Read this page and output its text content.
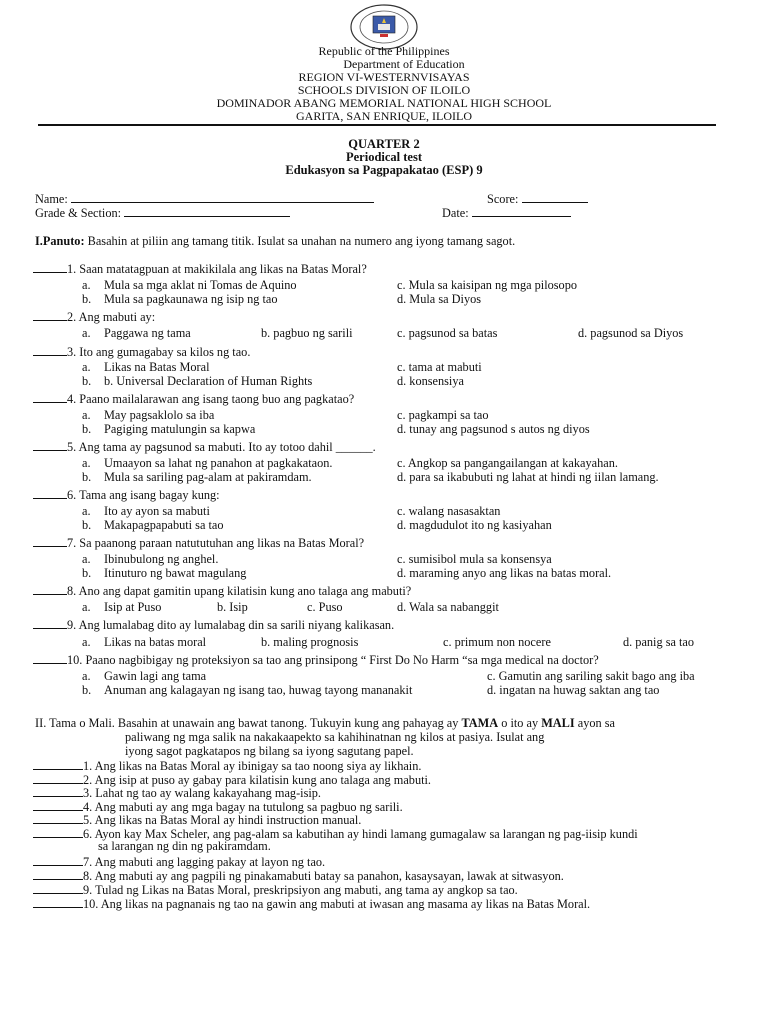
Republic of the Philippines
Department of Education
REGION VI-WESTERNVISAYAS
SCHOOLS DIVISION OF ILOILO
DOMINADOR ABANG MEMORIAL NATIONAL HIGH SCHOOL
GARITA, SAN ENRIQUE, ILOILO
QUARTER 2
Periodical test
Edukasyon sa Pagpapakatao (ESP) 9
Name:	Score:
Grade & Section:	Date:
I.Panuto: Basahin at piliin ang tamang titik. Isulat sa unahan na numero ang iyong tamang sagot.
1. Saan matatagpuan at makikilala ang likas na Batas Moral?
a. Mula sa mga aklat ni Tomas de Aquino
b. Mula sa pagkaunawa ng isip ng tao
c. Mula sa kaisipan ng mga pilosopo
d. Mula sa Diyos
2. Ang mabuti ay:
a. Paggawa ng tama	b. pagbuo ng sarili	c. pagsunod sa batas	d. pagsunod sa Diyos
3. Ito ang gumagabay sa kilos ng tao.
a. Likas na Batas Moral
b. b. Universal Declaration of Human Rights
c. tama at mabuti
d. konsensiya
4. Paano mailalarawan ang isang taong buo ang pagkatao?
a. May pagsaklolo sa iba
b. Pagiging matulungin sa kapwa
c. pagkampi sa tao
d. tunay ang pagsunod s autos ng diyos
5. Ang tama ay pagsunod sa mabuti. Ito ay totoo dahil ______.
a. Umaayon sa lahat ng panahon at pagkakataon.
b. Mula sa sariling pag-alam at pakiramdam.
c. Angkop sa pangangailangan at kakayahan.
d. para sa ikabubuti ng lahat at hindi ng iilan lamang.
6. Tama ang isang bagay kung:
a. Ito ay ayon sa mabuti
b. Makapagpapabuti sa tao
c. walang nasasaktan
d. magdudulot ito ng kasiyahan
7. Sa paanong paraan natututuhan ang likas na Batas Moral?
a. Ibinubulong ng anghel.
b. Itinuturo ng bawat magulang
c. sumisibol mula sa konsensya
d. maraming anyo ang likas na batas moral.
8. Ano ang dapat gamitin upang kilatisin kung ano talaga ang mabuti?
a. Isip at Puso	b. Isip	c. Puso	d. Wala sa nabanggit
9. Ang lumalabag dito ay lumalabag din sa sarili niyang kalikasan.
a. Likas na batas moral	b. maling prognosis	c. primum non nocere	d. panig sa tao
10. Paano nagbibigay ng proteksiyon sa tao ang prinsipong “ First Do No Harm “sa mga medical na doctor?
a. Gawin lagi ang tama
b. Anuman ang kalagayan ng isang tao, huwag tayong mananakit
c. Gamutin ang sariling sakit bago ang iba
d. ingatan na huwag saktan ang tao
II. Tama o Mali. Basahin at unawain ang bawat tanong. Tukuyin kung ang pahayag ay TAMA o ito ay MALI ayon sa
paliwang ng mga salik na nakakaapekto sa kahihinatnan ng kilos at pasiya. Isulat ang
iyong sagot pagkatapos ng bilang sa iyong sagutang papel.
1. Ang likas na Batas Moral ay ibinigay sa tao noong siya ay likhain.
2. Ang isip at puso ay gabay para kilatisin kung ano talaga ang mabuti.
3. Lahat ng tao ay walang kakayahang mag-isip.
4. Ang mabuti ay ang mga bagay na tutulong sa pagbuo ng sarili.
5. Ang likas na Batas Moral ay hindi instruction manual.
6. Ayon kay Max Scheler, ang pag-alam sa kabutihan ay hindi lamang gumagalaw sa larangan ng pag-iisip kundi
sa larangan ng din ng pakiramdam.
7. Ang mabuti ang lagging pakay at layon ng tao.
8. Ang mabuti ay ang pagpili ng pinakamabuti batay sa panahon, kasaysayan, lawak at sitwasyon.
9. Tulad ng Likas na Batas Moral, preskripsiyon ang mabuti, ang tama ay angkop sa tao.
10. Ang likas na pagnanais ng tao na gawin ang mabuti at iwasan ang masama ay likas na Batas Moral.
